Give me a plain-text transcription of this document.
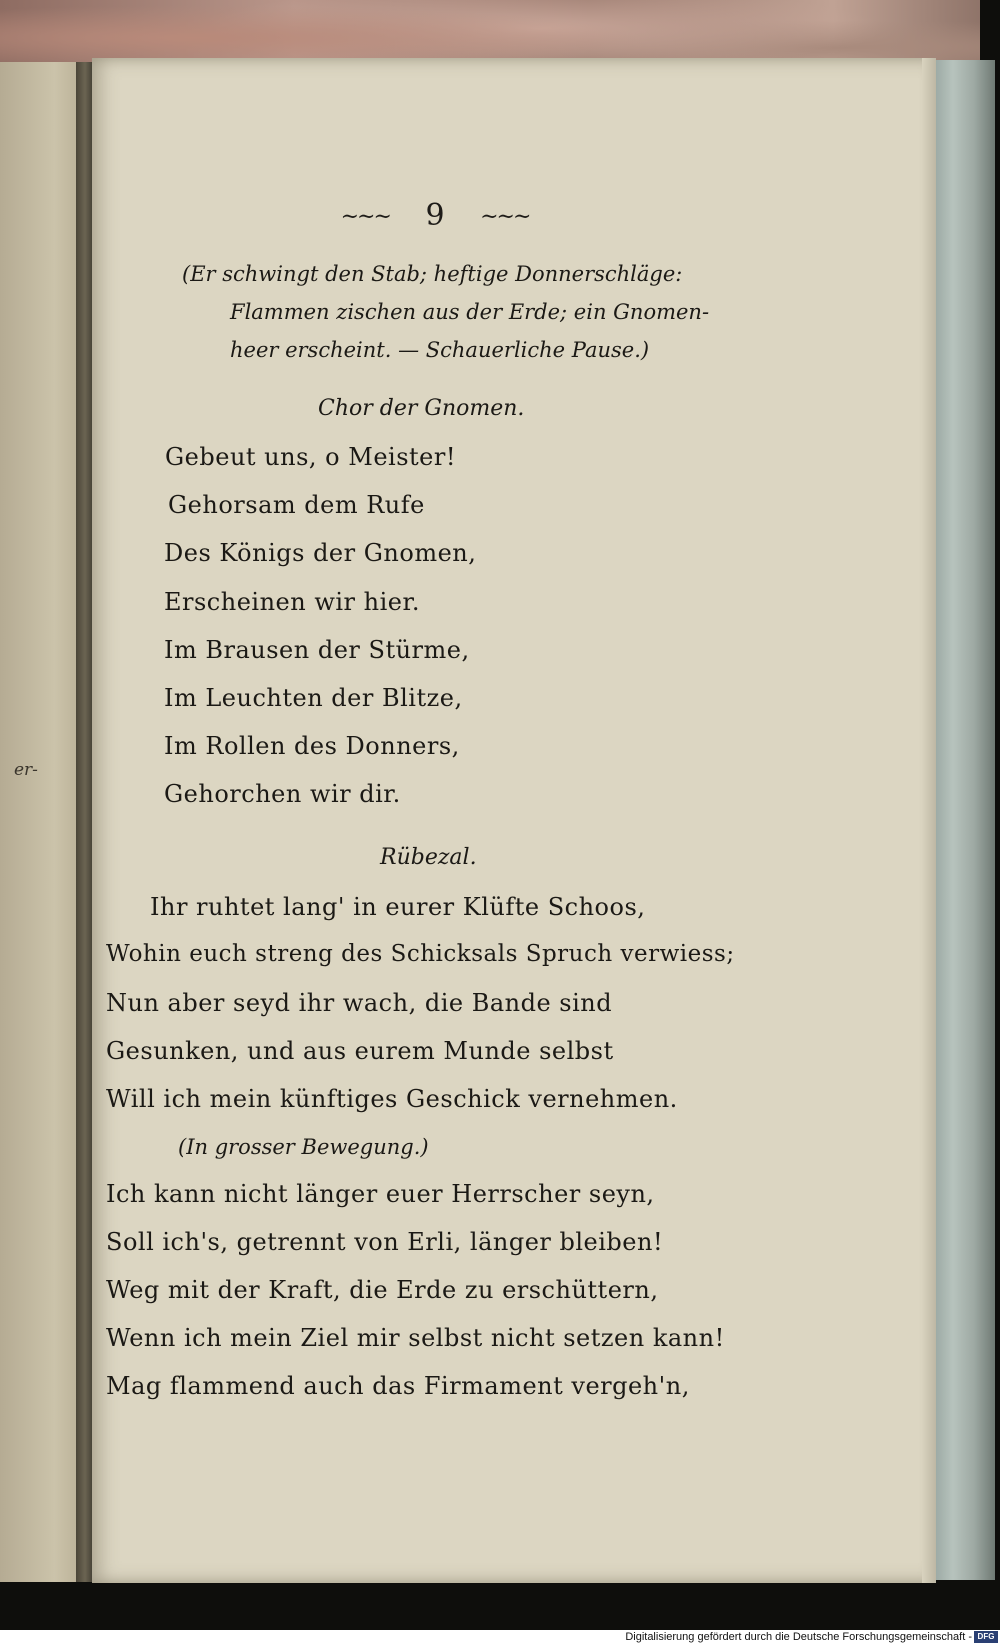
er-
~~~ 9 ~~~
(Er schwingt den Stab; heftige Donnerschläge:
Flammen zischen aus der Erde; ein Gnomen-
heer erscheint. — Schauerliche Pause.)
Chor der Gnomen.
Gebeut uns, o Meister!
Gehorsam dem Rufe
Des Königs der Gnomen,
Erscheinen wir hier.
Im Brausen der Stürme,
Im Leuchten der Blitze,
Im Rollen des Donners,
Gehorchen wir dir.
Rübezal.
Ihr ruhtet lang' in eurer Klüfte Schoos,
Wohin euch streng des Schicksals Spruch verwiess;
Nun aber seyd ihr wach, die Bande sind
Gesunken, und aus eurem Munde selbst
Will ich mein künftiges Geschick vernehmen.
(In grosser Bewegung.)
Ich kann nicht länger euer Herrscher seyn,
Soll ich's, getrennt von Erli, länger bleiben!
Weg mit der Kraft, die Erde zu erschüttern,
Wenn ich mein Ziel mir selbst nicht setzen kann!
Mag flammend auch das Firmament vergeh'n,
Digitalisierung gefördert durch die Deutsche Forschungsgemeinschaft - DFG
